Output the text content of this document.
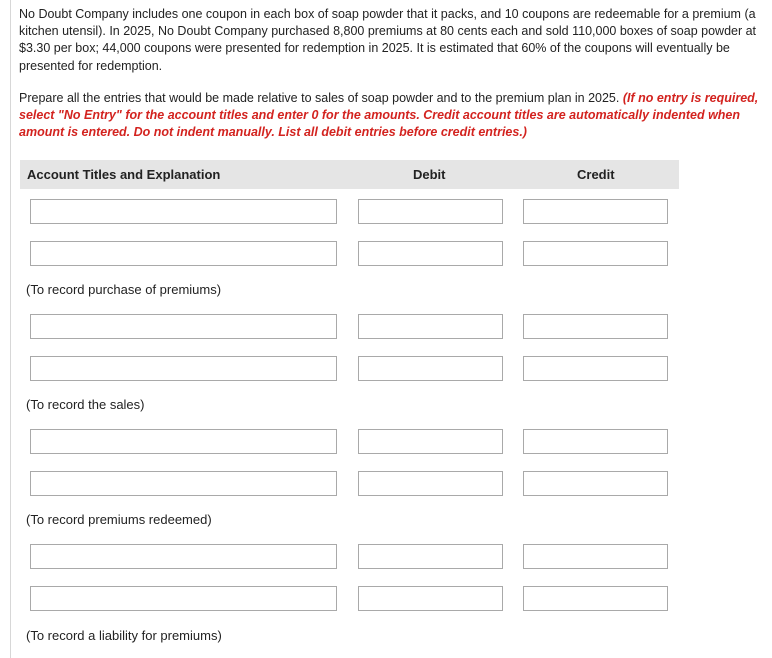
No Doubt Company includes one coupon in each box of soap powder that it packs, and 10 coupons are redeemable for a premium (a kitchen utensil). In 2025, No Doubt Company purchased 8,800 premiums at 80 cents each and sold 110,000 boxes of soap powder at $3.30 per box; 44,000 coupons were presented for redemption in 2025. It is estimated that 60% of the coupons will eventually be presented for redemption.

Prepare all the entries that would be made relative to sales of soap powder and to the premium plan in 2025. (If no entry is required, select "No Entry" for the account titles and enter 0 for the amounts. Credit account titles are automatically indented when amount is entered. Do not indent manually. List all debit entries before credit entries.)
Account Titles and Explanation	Debit	Credit
(To record purchase of premiums)
(To record the sales)
(To record premiums redeemed)
(To record a liability for premiums)
